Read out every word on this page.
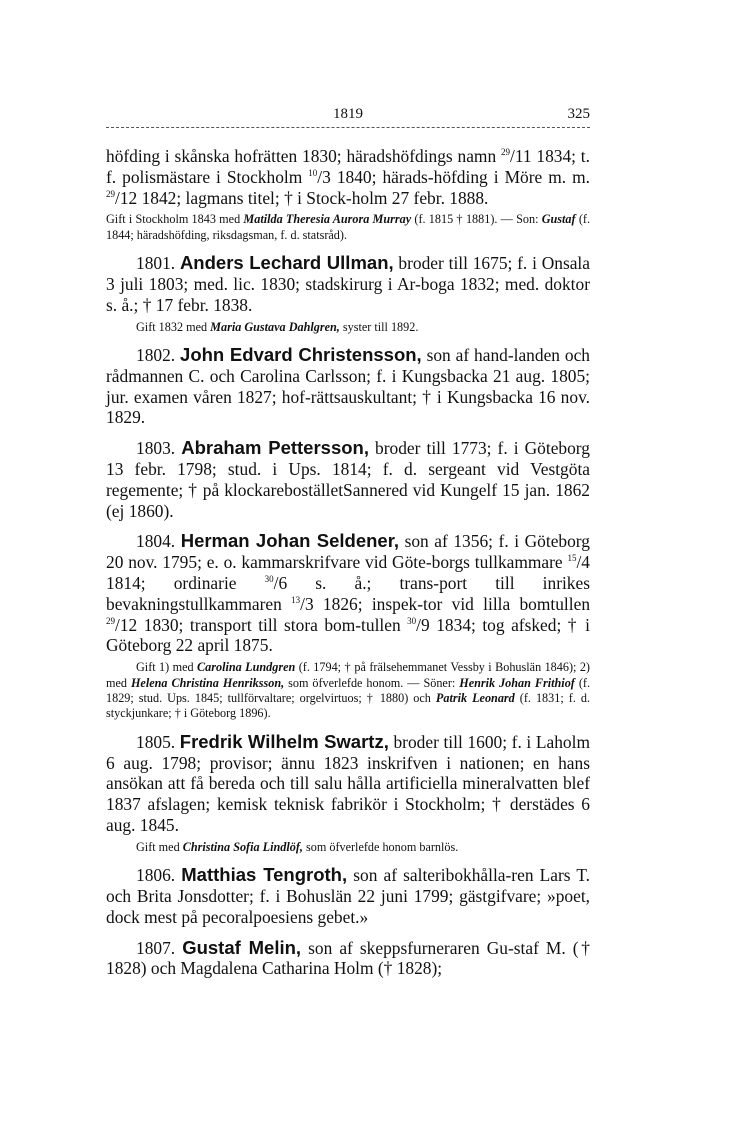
1819	325

höfding i skånska hofrätten 1830; häradshöfdings namn $^{29}$/11 1834; t. f. polismästare i Stockholm $^{10}$/3 1840; härads-höfding i Möre m. m. $^{29}$/12 1842; lagmans titel; † i Stock-holm 27 febr. 1888.

Gift i Stockholm 1843 med Matilda Theresia Aurora Murray (f. 1815 † 1881). — Son: Gustaf (f. 1844; häradshöfding, riksdagsman, f. d. statsråd).

1801. Anders Lechard Ullman, broder till 1675; f. i Onsala 3 juli 1803; med. lic. 1830; stadskirurg i Ar-boga 1832; med. doktor s. å.; † 17 febr. 1838.

Gift 1832 med Maria Gustava Dahlgren, syster till 1892.

1802. John Edvard Christensson, son af hand-landen och rådmannen C. och Carolina Carlsson; f. i Kungsbacka 21 aug. 1805; jur. examen våren 1827; hof-rättsauskultant; † i Kungsbacka 16 nov. 1829.

1803. Abraham Pettersson, broder till 1773; f. i Göteborg 13 febr. 1798; stud. i Ups. 1814; f. d. sergeant vid Vestgöta regemente; † på klockareboställetSannered vid Kungelf 15 jan. 1862 (ej 1860).

1804. Herman Johan Seldener, son af 1356; f. i Göteborg 20 nov. 1795; e. o. kammarskrifvare vid Göte-borgs tullkammare $^{15}$/4 1814; ordinarie $^{30}$/6 s. å.; trans-port till inrikes bevakningstullkammaren $^{13}$/3 1826; inspek-tor vid lilla bomtullen $^{29}$/12 1830; transport till stora bom-tullen $^{30}$/9 1834; tog afsked; † i Göteborg 22 april 1875.

Gift 1) med Carolina Lundgren (f. 1794; † på frälsehemmanet Vessby i Bohuslän 1846); 2) med Helena Christina Henriksson, som öfverlefde honom. — Söner: Henrik Johan Frithiof (f. 1829; stud. Ups. 1845; tullförvaltare; orgelvirtuos; † 1880) och Patrik Leonard (f. 1831; f. d. styckjunkare; † i Göteborg 1896).

1805. Fredrik Wilhelm Swartz, broder till 1600; f. i Laholm 6 aug. 1798; provisor; ännu 1823 inskrifven i nationen; en hans ansökan att få bereda och till salu hålla artificiella mineralvatten blef 1837 afslagen; kemisk teknisk fabrikör i Stockholm; † derstädes 6 aug. 1845.

Gift med Christina Sofia Lindlöf, som öfverlefde honom barnlös.

1806. Matthias Tengroth, son af salteribokhålla-ren Lars T. och Brita Jonsdotter; f. i Bohuslän 22 juni 1799; gästgifvare; »poet, dock mest på pecoralpoesiens gebet.»

1807. Gustaf Melin, son af skeppsfurneraren Gu-staf M. († 1828) och Magdalena Catharina Holm († 1828);
